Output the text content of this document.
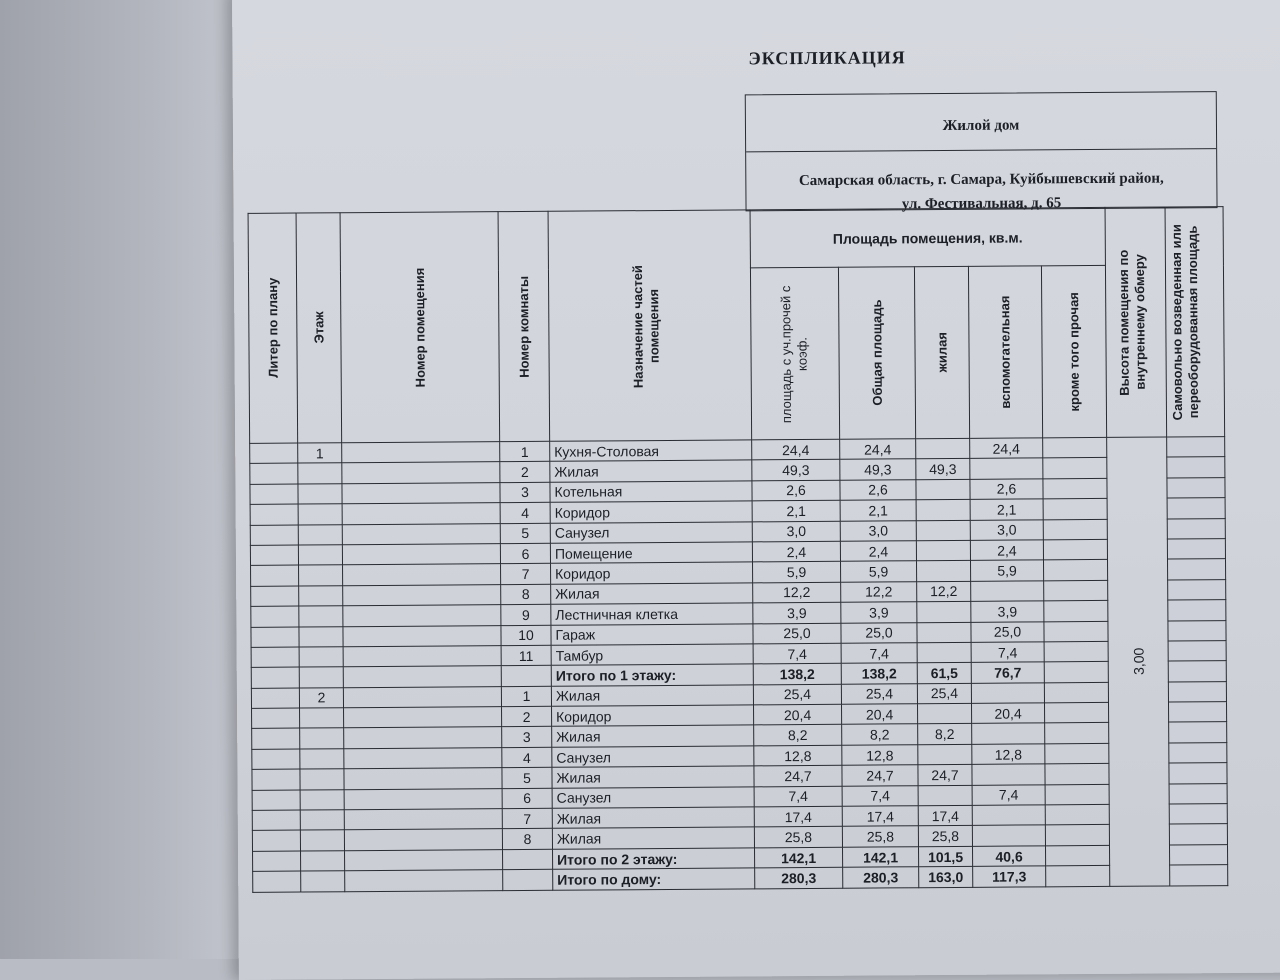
ЭКСПЛИКАЦИЯ
Жилой дом
Самарская область, г. Самара, Куйбышевский район,
ул. Фестивальная, д. 65
Литер по плану	Этаж	Номер помещения	Номер комнаты	Назначение частей помещения	Площадь помещения, кв.м.					Высота помещения по внутреннему обмеру	Самовольно возведенная или переоборудованная площадь

					площадь с уч.прочей с коэф.	Общая площадь	жилая	вспомогательная	кроме того прочая		

	1		1	Кухня-Столовая	24,4	24,4		24,4		3,00	

			2	Жилая	49,3	49,3	49,3				
			3	Котельная	2,6	2,6		2,6			
			4	Коридор	2,1	2,1		2,1			
			5	Санузел	3,0	3,0		3,0			
			6	Помещение	2,4	2,4		2,4			
			7	Коридор	5,9	5,9		5,9			
			8	Жилая	12,2	12,2	12,2				
			9	Лестничная клетка	3,9	3,9		3,9			
			10	Гараж	25,0	25,0		25,0			
			11	Тамбур	7,4	7,4		7,4			
				Итого по 1 этажу:	138,2	138,2	61,5	76,7			
	2		1	Жилая	25,4	25,4	25,4				
			2	Коридор	20,4	20,4		20,4			
			3	Жилая	8,2	8,2	8,2				
			4	Санузел	12,8	12,8		12,8			
			5	Жилая	24,7	24,7	24,7				
			6	Санузел	7,4	7,4		7,4			
			7	Жилая	17,4	17,4	17,4				
			8	Жилая	25,8	25,8	25,8				
				Итого по 2 этажу:	142,1	142,1	101,5	40,6			
				Итого по дому:	280,3	280,3	163,0	117,3			
